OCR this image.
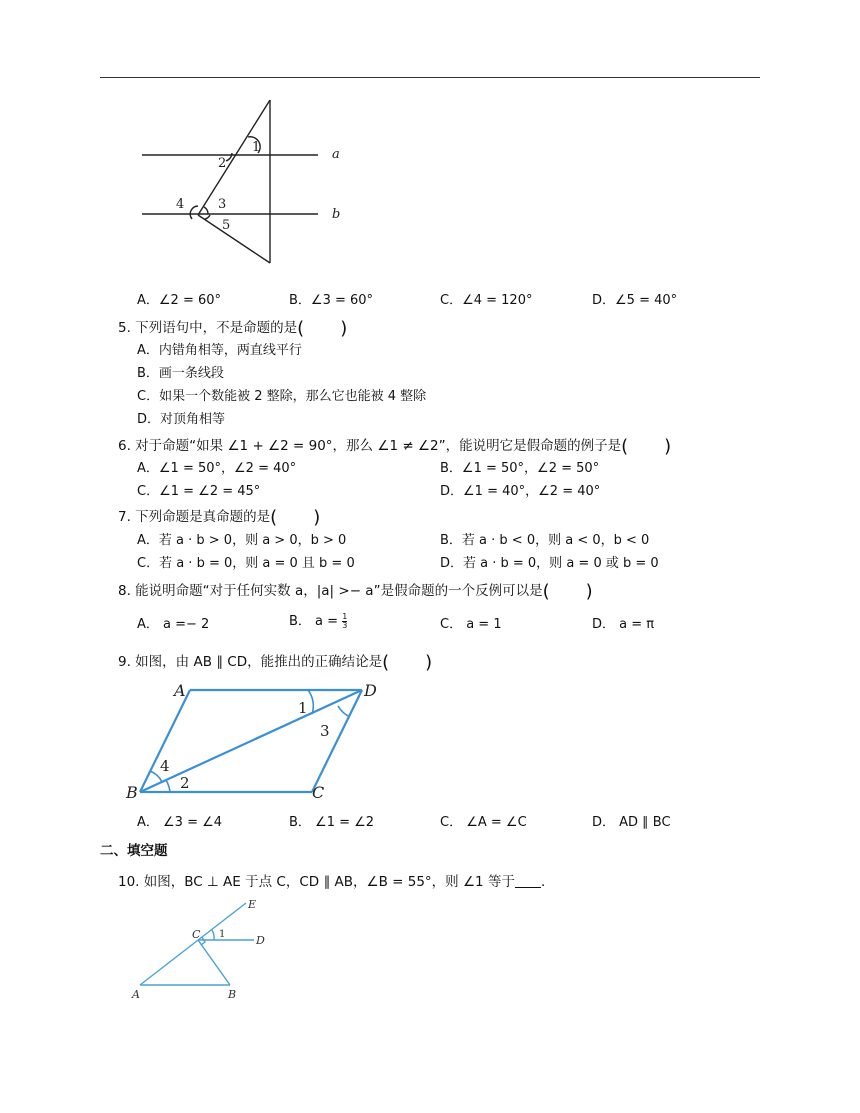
1
2
3
4
5
a
b
A．∠2 = 60°	B．∠3 = 60°	C．∠4 = 120°	D．∠5 = 40°
5. 下列语句中，不是命题的是(　　)
A．内错角相等，两直线平行
B．画一条线段
C．如果一个数能被 2 整除，那么它也能被 4 整除
D．对顶角相等
6. 对于命题“如果 ∠1 + ∠2 = 90°，那么 ∠1 ≠ ∠2”，能说明它是假命题的例子是(　　)
A．∠1 = 50°，∠2 = 40°	B．∠1 = 50°，∠2 = 50°
C．∠1 = ∠2 = 45°	D．∠1 = 40°，∠2 = 40°
7. 下列命题是真命题的是(　　)
A．若 a · b > 0，则 a > 0，b > 0	B．若 a · b < 0，则 a < 0，b < 0
C．若 a · b = 0，则 a = 0 且 b = 0	D．若 a · b = 0，则 a = 0 或 b = 0
8. 能说明命题“对于任何实数 a，|a| >− a”是假命题的一个反例可以是(　　)
A． a =− 2	B． $a = \frac{1}{3}$	C． a = 1	D． a = π
9. 如图，由 AB ∥ CD，能推出的正确结论是(　　)
A
B	C
D
1
3
4
2
A． ∠3 = ∠4	B． ∠1 = ∠2	C． ∠A = ∠C	D． AD ∥ BC
二、填空题
10. 如图，BC ⊥ AE 于点 C，CD ∥ AB，∠B = 55°，则 ∠1 等于 .
A	B
C	D
E
1
